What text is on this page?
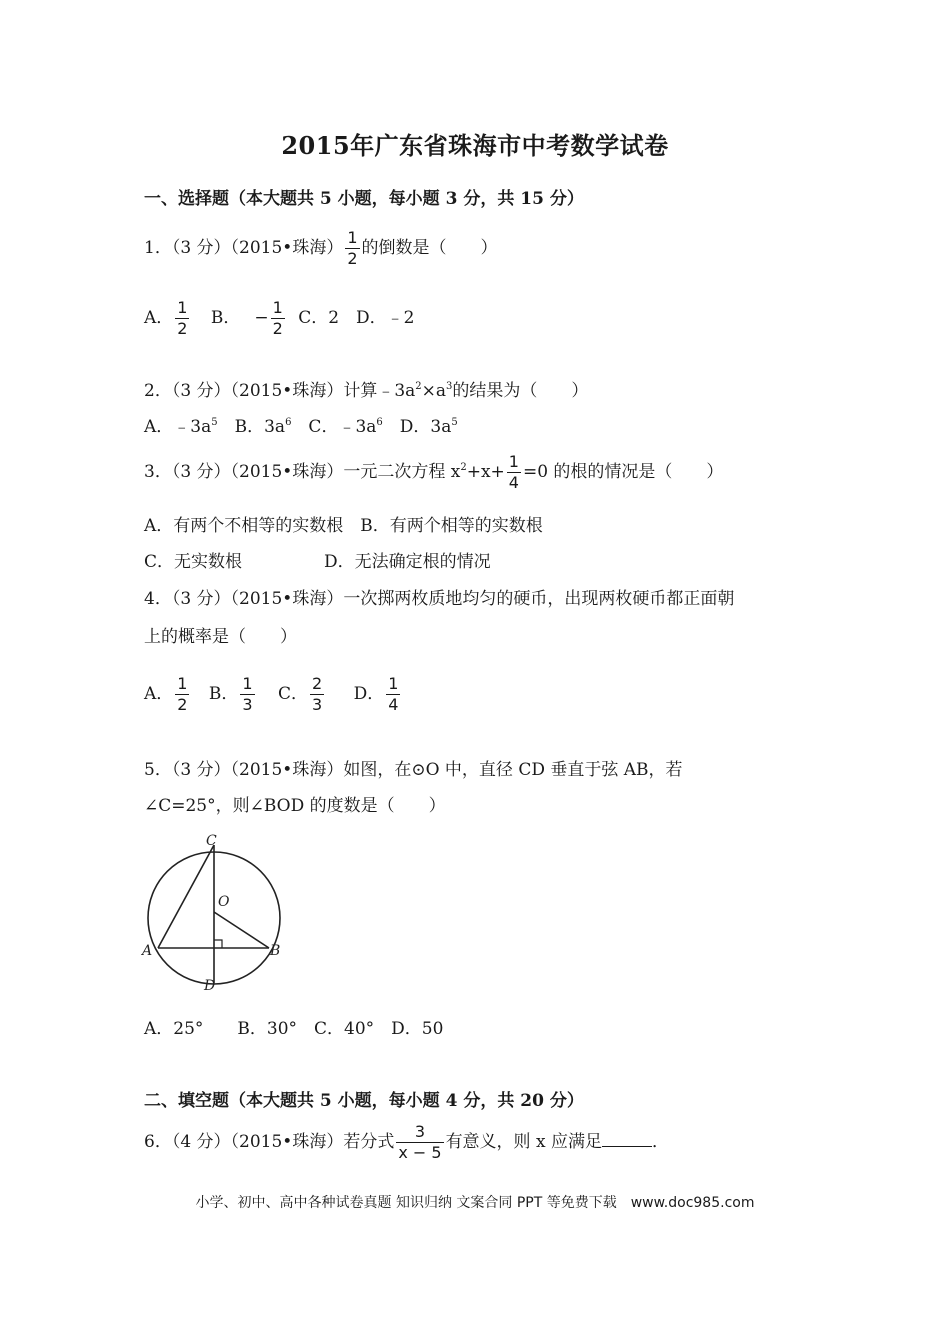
2015年广东省珠海市中考数学试卷
一、选择题（本大题共 5 小题，每小题 3 分，共 15 分）
1．（3 分）（2015•珠海） $\frac{1}{2}$ 的倒数是（　　）
A． $\frac{1}{2}$ B． − $\frac{1}{2}$ C．2　D．﹣2
2．（3 分）（2015•珠海）计算$﹣3a^2\times a^3$的结果为（　　）
A．$﹣3a^5$　B．$3a^6$　C．$﹣3a^6$　D．$3a^5$
3．（3 分）（2015•珠海）一元二次方程 $x^2+x+ \frac{1}{4} =0$ 的根的情况是（　　）
A．有两个不相等的实数根　B．有两个相等的实数根
C．无实数根	D．无法确定根的情况
4．（3 分）（2015•珠海）一次掷两枚质地均匀的硬币，出现两枚硬币都正面朝
上的概率是（　　）
A． $\frac{1}{2}$ B． $\frac{1}{3}$ C． $\frac{2}{3}$ D． $\frac{1}{4}$
5．（3 分）（2015•珠海）如图，在⊙O 中，直径 CD 垂直于弦 AB，若
∠C=25°，则∠BOD 的度数是（　　）
C
O
A	B
D
A．25°　　B．30°　C．40°　D．50
二、填空题（本大题共 5 小题，每小题 4 分，共 20 分）
6．（4 分）（2015•珠海）若分式 $\frac{3}{x - 5}$ 有意义，则 x 应满足	．
小学、初中、高中各种试卷真题 知识归纳 文案合同 PPT 等免费下载　www.doc985.com
